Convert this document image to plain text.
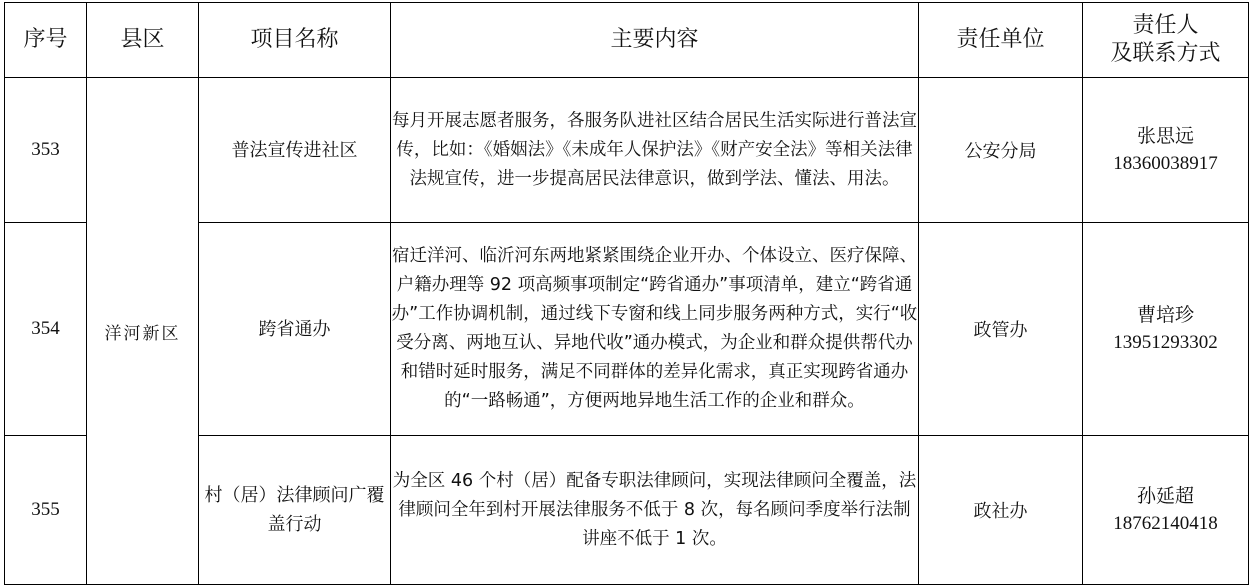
序号	县区	项目名称	主要内容	责任单位	责任人
及联系方式
353	洋河新区	普法宣传进社区	每月开展志愿者服务，各服务队进社区结合居民生活实际进行普法宣传，比如：《婚姻法》《未成年人保护法》《财产安全法》等相关法律法规宣传，进一步提高居民法律意识，做到学法、懂法、用法。	公安分局	张思远
18360038917

354		跨省通办	宿迁洋河、临沂河东两地紧紧围绕企业开办、个体设立、医疗保障、户籍办理等 92 项高频事项制定“跨省通办”事项清单，建立“跨省通办”工作协调机制，通过线下专窗和线上同步服务两种方式，实行“收受分离、两地互认、异地代收”通办模式，为企业和群众提供帮代办和错时延时服务，满足不同群体的差异化需求，真正实现跨省通办的“一路畅通”，方便两地异地生活工作的企业和群众。	政管办	曹培珍
13951293302

355		村（居）法律顾问广覆盖行动	为全区 46 个村（居）配备专职法律顾问，实现法律顾问全覆盖，法律顾问全年到村开展法律服务不低于 8 次，每名顾问季度举行法制讲座不低于 1 次。	政社办	孙延超
18762140418
